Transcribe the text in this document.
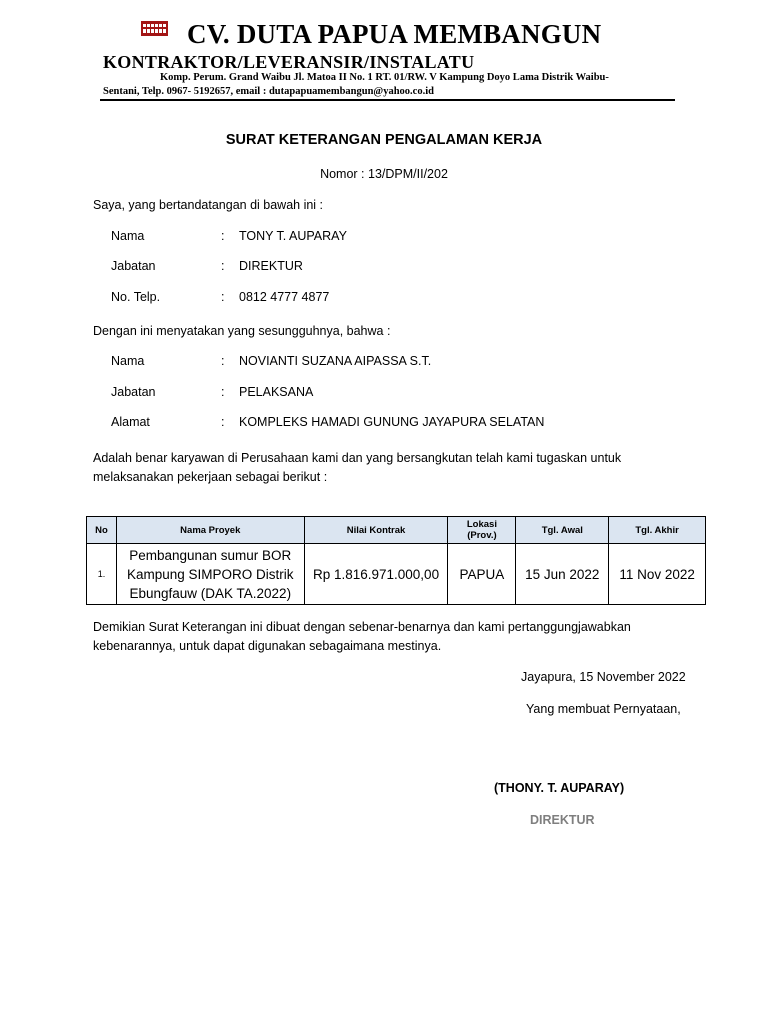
CV. DUTA PAPUA MEMBANGUN
KONTRAKTOR/LEVERANSIR/INSTALATU
Komp. Perum. Grand Waibu Jl. Matoa II No. 1 RT. 01/RW. V Kampung Doyo Lama Distrik Waibu-
Sentani, Telp. 0967- 5192657, email : dutapapuamembangun@yahoo.co.id
SURAT KETERANGAN PENGALAMAN KERJA
Nomor : 13/DPM/II/202
Saya, yang bertandatangan di bawah ini :
Nama	: TONY T. AUPARAY
Jabatan	: DIREKTUR
No. Telp.	: 0812 4777 4877
Dengan ini menyatakan yang sesungguhnya, bahwa :
Nama	: NOVIANTI SUZANA AIPASSA S.T.
Jabatan	: PELAKSANA
Alamat	: KOMPLEKS HAMADI GUNUNG JAYAPURA SELATAN
Adalah benar karyawan di Perusahaan kami dan yang bersangkutan telah kami tugaskan untuk
melaksanakan pekerjaan sebagai berikut :
No	Nama Proyek	Nilai Kontrak	Lokasi
(Prov.)	Tgl. Awal	Tgl. Akhir
1.	Pembangunan sumur BOR
Kampung SIMPORO Distrik
Ebungfauw (DAK TA.2022)	Rp 1.816.971.000,00	PAPUA	15 Jun 2022	11 Nov 2022
Demikian Surat Keterangan ini dibuat dengan sebenar-benarnya dan kami pertanggungjawabkan
kebenarannya, untuk dapat digunakan sebagaimana mestinya.
Jayapura, 15 November 2022
Yang membuat Pernyataan,
(THONY. T. AUPARAY)
DIREKTUR
